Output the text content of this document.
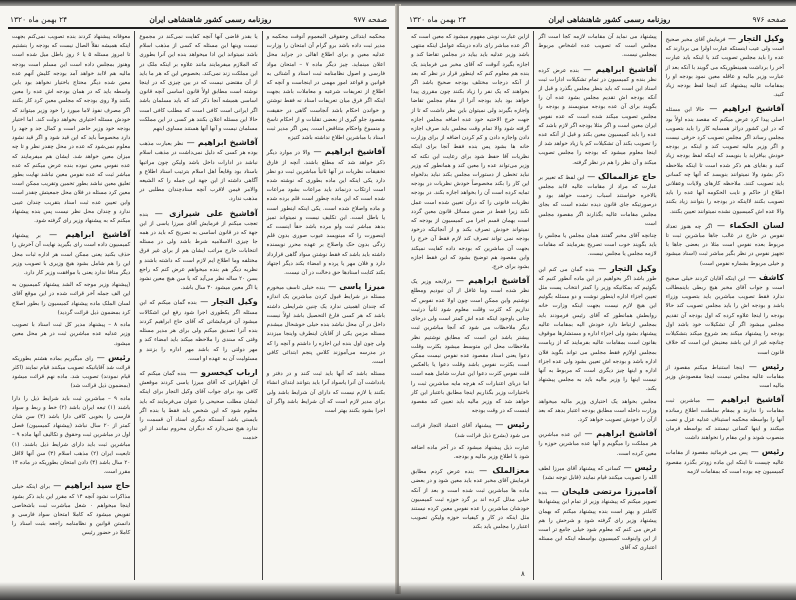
صفحه ۹۷۷
روزنامه رسمی کشور شاهنشاهی ایران
۲۴ بهمن ماه ۱۳۲۰
محکمه ابتدائی وحقوقی المعموم آنوقت محکمه و مدیر ثبت داده باشد برو گرام آن امتحان را وزارت عدلیه معین و برای اطلاع اهالی در جراید محل اعلان مینماید. چیز دیگر ماده ۷ – امتحان مواد فارسی و اصول نظامنامه ثبت اسناد و آشنائی به قوانین و قواعد امور مهمی در اینجاست و آنچه که اطلاع از تعریفات شرعیه و معاملات باشد بجهت اینکه اگر فرق میان تعریفات اسناد نه فقط نوشتن و خواندن احکام باشد آنجاست گاهی در حقیقت مقصود جلو گیری از بعضی تقلبات و از احکام ناسخ و منسوخ واحکام متناقض است. پس اگر مدیر ثبت اسناد با مباشرین اطلاع نداشته باشد کتیزه
آقاشیخ ابراهیم — والا در موارد دیگر ذکر خواهد شد که مطلع باشند. آنچه از فارق تحقیقات نظریات در آنها ثانیاً مباشرین ثبت دو نظر دارد یکی اینکه این ماده بطوری که نوشته شده است ارتکاب درنماند باید مراعات بشود مراعات شده است که این ماده چطور است قلم برده شده و ماده واصلاح شده است. یکی اینکه اینطور است یا باطل است. این تکلیف نیست و نمیتواند تمیز بدهد مباشر ثبت ولو مرده باشد حقاً اینست که اینصورت را که مینویسد عیوب صوری بدون قلم زدگی بدون حک واصلاح بر عهده محرر نویسنده داشته باید باشد که فقط نوشتن سواد گاهی قرارداد دارد و فلان مهر یا پرده و امضاء بکند دیگر اجتهاد بکند کتابت اسنادها حق دخالت در آن نیست.
میرزا یاسی — بنده خیلی تاسف میخورم مسئله در شرایط قبول کردن مباشرین یک اندازه که چندان اهمیتی ندارد یک چنین شرایطی داشته باشد که هر کسی فارغ التحصیل باشد اولاً نیست داخل در آن محل نباشد بنده خیلی خوشحال میشدم مسئله مزمن یکی از آقایان اینطرف واینجا میزدند ولی چون اول بنده این اجازه را داشتم و آنچه را که در مدرسه می‌آموزند کلاس پنجم ابتدائی کافی است.
مسئله باشد که آنها باید ثبت کنند و در دفتر و یادداشت آن آنرا یاسواد آنرا باید بتوانند ابتدای انشاء بکنند یا لازم نیست که دارای آن شرایط باشد ولی برای مدیر لازم است که آن شرایط باشد واگر آن اجرا بشود بکنند بهتر است
یا بقدر قاضی آنها آنچه کفایت نمی‌کند در مجموع نیست وینها این مسئله که کسی از مذهب اسلام باشد نمیتواند این ادا میخواهد بنده این آنرا بطوری که الملازم میفرمایند مانند علاوه بر اینکه ملک در این مملکت زند نمی‌کند. بخصوص این که هر ما باید از آن مقتضی نیست که در بین چیزی که در اینجا نوشته است مطابق اولاً قانون اساسی آنچه قانون اساسی همیشه آنجا ذکر کند که باید مسلمان باشد اگر ایرانی است کافی است که مطلب کافی است حالا این مسئله اعلان بکنند هر کسی در این مملکت مسلمان نیست و آنها آنها هستند مساوی اینهم
آقاشیخ ابراهیم — نظر بعبارت مذهب بوده هر کسی که دلیل نمی‌داشت در مذهب اسلام نباشد در ادارات داخل باشد ولیکن چون مراتبها باسناد بود وقایعاً اهل اسلام بترتیب اسناد اطلاع و آگاهی داشته از این جهة این جمله را که الشیعه والامر فیمن لاقرب آنچه سنادچندان مطلبی در مذهب ندارد.
آقاشیخ علی شیرازی — بنده تعجب میکنم از فرمایش آقای میرزا یاسی از این جهة که در قانون اساسی به تصریح که باید در همه جا چیزی الاسلامیه شرط باشد ولی در مسئله انتخابات خارج مراتب ایشان هم از برای غیر فرق مختلفه وما اطلاع ایم لازم است که داشته باشند و نظریه دیگر هم بنده میخواهم عرض کنم که راجع بسن ۲۰ ساله نظر می‌آید که یا سن هیچ معین نشود یا اگر معین میشود ۳۰ سال باشد.
وکیل التجار — بنده گمان میکنم که این مسئله اگر یکطوری اجرا شود رفع این اشکالات میشود آن فرمایشاتی که آقای حاج ابراهیم کردند بنده آنرا تصدیق میکنم ولی برای هر مدیر مسئله وقتی که سندی را ملاحظه میکند باید امضاء کند و مهر دولتی را که باشد مهر اداره را بزنند و مسئولیت آن به عهده او است.
ارباب کیخسرو — بنده گمان میکنم که آن اظهاراتی که آقای میرزا یاسی کردند موقعش کافی بود برای جواب آقای وکیل التجار برای اینکه ایشان مطلب صحیحی را عنوان می‌فرمایند که باید معلوم شود که این شخص باید فقط یا بنده اگر بایستی باشد آنستکه دیگری اسناد آن قسمت را ندارد هیچ نمی‌دارد که دیگران محروم نمانند از این خدمت
معوقانه پیشنهاد کردند بنده تصویب نمی‌کنم بجهت اینکه همیشه نقلاً الصال نیست که بودجه را بنشتیم تا امروز مسئله ۵ یا ۶ روز باطل میل شده است وهنوز بمجلس داده است این مسلم است بودجه مالیه هم لاابد خواهد آمد بودجه کلیش آنهم عده معین شده دیگر محتاج باختیار نخواهد بود باین واسطه باید که در همان بودجه اش عده را معین بکنند ولا روی بودجه که مجلس معین کرد کار بکنند اگر مصرف نفوذ لاما میورد را خود وزیر میتواند که خودش مسئله اختیاری بخواهد دولت کند. اما اختیار بودجه خود وزیر حاضر است و کمال جد و جهد را دارد مخصوصاً باید که این قید شود و اگر قید نشود معلوم نمی‌شود که عده در محل چقدر نظر و تا چه میزان معین خواهد شد. ایشان هم میفرمایند که عده نفوس معین نبوده بنده عرض میکنم که عده مباشر ثبت که عده نفوس معین نباشد نهایت بطور تعلیق معین نباشد بطور تخمین وتقریب ممکن است معین کرد مسئله در فلان محل جمعیتش چقدر است واین تعیین عده ثبت اسناد بتقریب چندان عیبی ندارد و چندان محل نظر نیست پس بنده پیشنهاد میکنم که به پیشنهاد وزیر رای گرفته شود.
آقاشیخ ابراهیم — بر پیشنهاد کمیسیون داده است رای بگیرید نهایت آن آخرش را حذف بکنید یعنی ممکن است هر اداره ثبات محل این را هم شامل بشود هیچ وزیری با تصویب وزیر دیگر منافا ندارد یعنی با موافقت وزیر کار دارد.
(پیشنهاد وزیر موجه که الشد پیشنهاد کمیسیون به این الف جمله آخر قرائت شده در این موقع آقای لسان الملک ماده پیشنهاد کمیسیون را بطور اصلاح کرد بمضمون ذیل قرائت گردید)
ماده ۸ – پیشنهاد مدیر کل ثبت اسناد با تصویب وزیر عدلیه عده مباشرین ثبت در هر محل معین میشود.
رئیس — رای میگیریم بماده هشتم بطوریکه قرائت شد آقایانیکه تصویب میکنند قیام نمایند (اکثر قیام نمودند) تصویب شد. ماده نهم قرائت میشود (بمضمون ذیل قرائت شد)
ماده ۹ – مباشرین ثبت باید شرایط ذیل را دارا باشند (۱) تبعه ایران باشد (۲) خط و ربط و سواد فارسی را بخوبی کافی دارا باشد (۳) سن شان کمتر از ۲۰ سال نباشد (پیشنهاد کمیسیون) فصل اول در مباشرین ثبت وحقوق و تکالیف آنها ماده ۹ – مباشرین ثبت باید دارای شرایط ذیل باشند. (۱) تابعیت ایران (۲) مذهب اسلام (۳) سن آنها لااقل ۲۰ سال باشد (۴) دادن امتحان بطوریکه در ماده ۱۴ مقرر است.
حاج سید ابراهیم — برای اینکه خیلی مذاکرات نشود آنچه ۱۴ که مقرر این باید ذکر بشود اینجا میخواهم ۰ شغل مباشرت ثبت باشخاصی تفویض میشود که کاملا امتحان سواد فارسی و دانستن قوانین و نظامنامه راجعه بثبت اسناد را کاملا در حضور رئیس
صفحه ۹۷۶
روزنامه رسمی کشور شاهنشاهی ایران
۲۴ بهمن ماه ۱۳۲۰
وکیل التجار — فرمایش آقای مخبر صحیح است ولی عیب اینستکه عبارت اولرا می بردارند که عده را باید مجلس تصویب کند یا اینکه باید عبارت آخر را برداشت همینطوریکه می گویند با آنکه بعد از عبارت وزیر مالیه و عاقله معین نمود بودجه او را بمقامات عالیه پیشنهاد کند اینجا لفظ بودجه زیاد کنید.
آقاشیخ ابراهیم — حالا این مسئله اصلی پیدا کرد عرض میکنم که مقصد بنده اولاً بود که در این کشور دراثر همسایه کار را باید بتصویب مجلس رساند اگر مجلس تصویب کرد حرفی نیست و اگر وزیر مالیه تصویب کند و اینکه بر بودجه خودش بیافزاید یا بنویسد که اینکه لفظ بودجه زیاد کنید و بقایای هم ذکر شده است تا اینکه ملاحظه ذکر بشود ولا نمیتوانند بنویسد که آنها چه کسانی باید تصویب کنند. ملاحظه کارهای ولایات وعقلانی اطلاع از حاکم و نایب الحکومه آنها عده را باید تصویب بکنند لااینکه در بودجه را بتوانند زیاد بکنند والا عده اش کمیسیون نشده نمیتوانند تعیین بکنند.
لسان الحکماء — اگر چه هنوز تعداد نفوس در خارج در غالب جاها مباشرین ثبت تا مربوط بعده نفوس است مثلا در بعضی جاها با تجهیز نفوس در نظر بگیر مباشر ثبت (اسناد میشود و خیلی مربوط بشماره نفوس است)
کاشف — این اینکه آقایان کردند خیلی صحیح است و جواب آقای مخبر هیچ ربطی باینمطالب ندارد فقط تصویب مباشرین باید بتصویب وزراء باشد و بودجه اش را باید مجلس تصویب کند حالا بودجه را اینجا علاوه کرده که اول بودجه آن تقدیم مجلس میشود اگر آن تشکیلات خود باشد اول بودجه را پیشنهاد میکند بعد شروع میکند بتشکیلات چنانچه غیر از این باشد معنیش این است که خلاف قانون است
رئیس — اینجا استنباط میکنم مقصود از مقامات عالیه مجلس نیست اینجا مقصودش وزیر مالیه است
آقاشیخ ابراهیم — مباشرین ثبت مقامات را ندارند و بمقام سلطنت اطلاع رسانده آنها را بواسطه محکمه استیناف عدلیه عزل و نصب میکنند و اینها کسانی نیستند که بواسطه فرمان منصوب شوند و این مقام را نخواهند داشت
رئیس — پس می فرمائید مقصود از مقامات عالیه چیست تا اینکه این ماده زودتر بگذرد مقصود کمیسیون چه بوده است که بمقامات لازمه
پیشنهاد می نماید آن مقامات لازمه کجا است اگر مجلس است که تصویب عده اشخاص مربوط بمجلس نیست.
آقاشیخ ابراهیم — بنده عرض کرده نظر بنده و کمیسیون در تمام تشکیلات ادارات ثبت اسناد این است که باید بنظر مجلس بگذرد و قبل از آنکه بودجه اش تقدیم مجلس بشود عده آن را بگویند برای آن عده بودجه مینویسند و بودجه را مجلس تصویب میکند شده است که عده نفوس ایران معین است و اگر مثلا بودجه اگر لازم باشد که عده را باید کمیسیون معین بکند و قبل از آنکه عده را تصویب بکند آن تشکیلات کم یا زیاد خواهد شد از اینجا معلوم میشود که بودجه را مجلس تصویب میکند و آن نظر را هم در نظر گرفته.
حاج عزالممالک — این لفظ که تعبیر بر عبارت که مراد از مقامات عالیه لاابد مجلس بالاخره خواستند اسباب زحمت خواهد بود و درصورتیکه جای قانون دیده نشده است که بجای مجلس مقامات عالیه بگذارند اگر مقصود مجلس است
چنانچه آقای مخبر گفتند همان مجلس یا مجلس را باید بگویند خوب است تصریح بفرمایند که مقامات لازمه مجلس یا مجلس نیست.
وکیل التجار — بنده گمان می کنم این طور باشد اگر بخواهیم در این ماده آنطور کنیم که بگوئیم که بمکانیکه وزیر را کمتر انتخاب پست مثل تعیین اجزاء اداره اینطور نوشت و دو مسئله بگوئیم این هیچ لازم نیست بجهت اینکه وزارت خانه روابطش همانطور که آقای رئیس فرمودند باید بمجلس ارتباط دارد خودش الیه بمقامات عالیه پیشنهاد بشود ولی اجزاء اداره و مستشارها موقوف بقانون است بمقامات عالیه بفرمایند که از ریاست بمجلس اولازم فقط مجلس می تواند بگوید فلان اداره باشد و بودجه اش تعیین بشود ولی عده اجزاء اداره و اینها چیز دیگری است که مربوط به آنها نیست اینها را وزیر مالیه باید به مجلس پیشنهاد بکند.
مجلس بخواهد یک اختیاری وزیر مالیه میخواهد وزارت داخله است مطابق بودجه اعتبار بدهد که بعد ازآن را خودش تصویب خواهد کرد.
آقاشیخ ابراهیم — این عده مباشرین هر مملکت را میگویم و آنها عده مباشرین حوزه را معین کرده است.
رئیس — کسانی که پیشنهاد آقای میرزا لطف الله را تصویب میکنند قیام نمایند (قابل توجه نشد)
آقامیرزا مرتضی قلیخان — بنده تصویر میکنم که پیشنهاد وزیر از تمام این پیشنهادها کاملتر و بهتر است بنده پیشنهاد میکنم که بهمان پیشنهاد وزیر رای گرفته شود و شرحش را هم عرض می کنم که معلوم شود خیلی جامع تر است از این واینوقت کمیسیون بواسطه اینکه این مسئله اعتباری که آقای
ازاین عبارت نوبتی مفهوم میشود که معین است که اگر عده مباشر رای داده دربنکه عوامل اینکه منتهی باشد وزیر عدلیه باید بیاید در مجلس تقاضا کند و اجازه بگیرد آنوقت که آقای مخبر می فرمایند یک بنده هم معلوم کنم که اینطور قرار در نظر که بعد از آنکه درجات مختلف بودجه صحیح باشد اگر بخواهند که یک نفر را زیاد بکنند چون مقرری پیدا خواهد بود باید بودجه آنرا از مقام مجلس تقاضا واجازه بگیرند ولی نمیتوان باین نظر داشت که تا از جهت خرج الاحتیه خود عده اضافه مجلس اجازه گرفته شود والا تمام وقت مجلس باید صرف اجازه دادن واجازه دادن و کم کردن اضافه از برای وزارت خانه ها بشود پس بنده فقط آنجا برای اینکه نظریات آقا حفظ شود برای رعایت این نکته که وزیر می‌تواند عده را معین کند و همانطور که وزیر نباید تخطی از دستورات مجلس بکند نباید بدلخواه این کار را بکند مخصوصاً خودش نظریات در بودجه تمایه کرده است آن را بخواهد اجازه بکند. در بودجه نظریات فانونی را که درآن تعیین شده است عمل نکند زیرا فقط در ضمن مسائل قانون معین گردد است بهمان قسم اجرا می کمیسیون از بودجه که نمیتواند خودش تصرف بکند و از آنجائیکه درخود بودجه نمی تواند تصرف کند لازم فقط آن خرج را بجهت آن مباشرین که بودجه داده کفایت نمیکند واین مقصود هم توضیح بشود که این فقط اجازه بشود برای خرج.
آقاشیخ ابراهیم — درلایحه وزیر یک نظر شده است وما غافل از آن نبودیم ومطلع نوشتیم واین ممکن است چون اولا عده نفوس که نداریم که کثرت وقلت معلوم شود ثانیاً درثبت چنانی باوجود اینکه عده اش کمتر است ولی درجای دیگر ملاحظات می شود که آنجا مباشرین ثبت بیشتر باشد این است که مطابق نوشتیم نظر ملاحظات محل این متوسط میشود بکثرت وقلت دعوا یعنی اسناد مقصود عده نفوس نیست ممکن است بکثرت نفوس باشد وقلت دعوا یا بالعکس قلت نفوس کثرت دعوا این عبارت شامل همه است اما دربای اعتبارات که هرچه مایه مباشرین ثبت را باختیارات وزیر بگذاریم اینجا مطابق باعتبار این کار خواهد شد که وزیر مالیه باید تعیین کند مقصود اینست که در وقت بودجه
رئیس — پیشنهاد آقای اعتماد التجار قرائت می شود (بشرح ذیل قرائت شد)
عبارت ذیل پیشنهاد میشود که در آخر ماده اضافه شود با اطلاع وزیر مالیه و بودجه.
معزالملک — بنده عرض کردم مطابق فرمایش آقای مخبر عده باید معین شود و در بعضی ماده ها مباشرین ثبت شده است و بعد از آنکه خیلی مدلل کرده اند بر گرد حوزه ثبت کمیسیون خودشان مباشرین را عده نفوس معین کرده نیستند مثل اینکه در کار و کیفیات حوزه ولیکن تصویب اعتبار را مجلس باید بکند
۸
